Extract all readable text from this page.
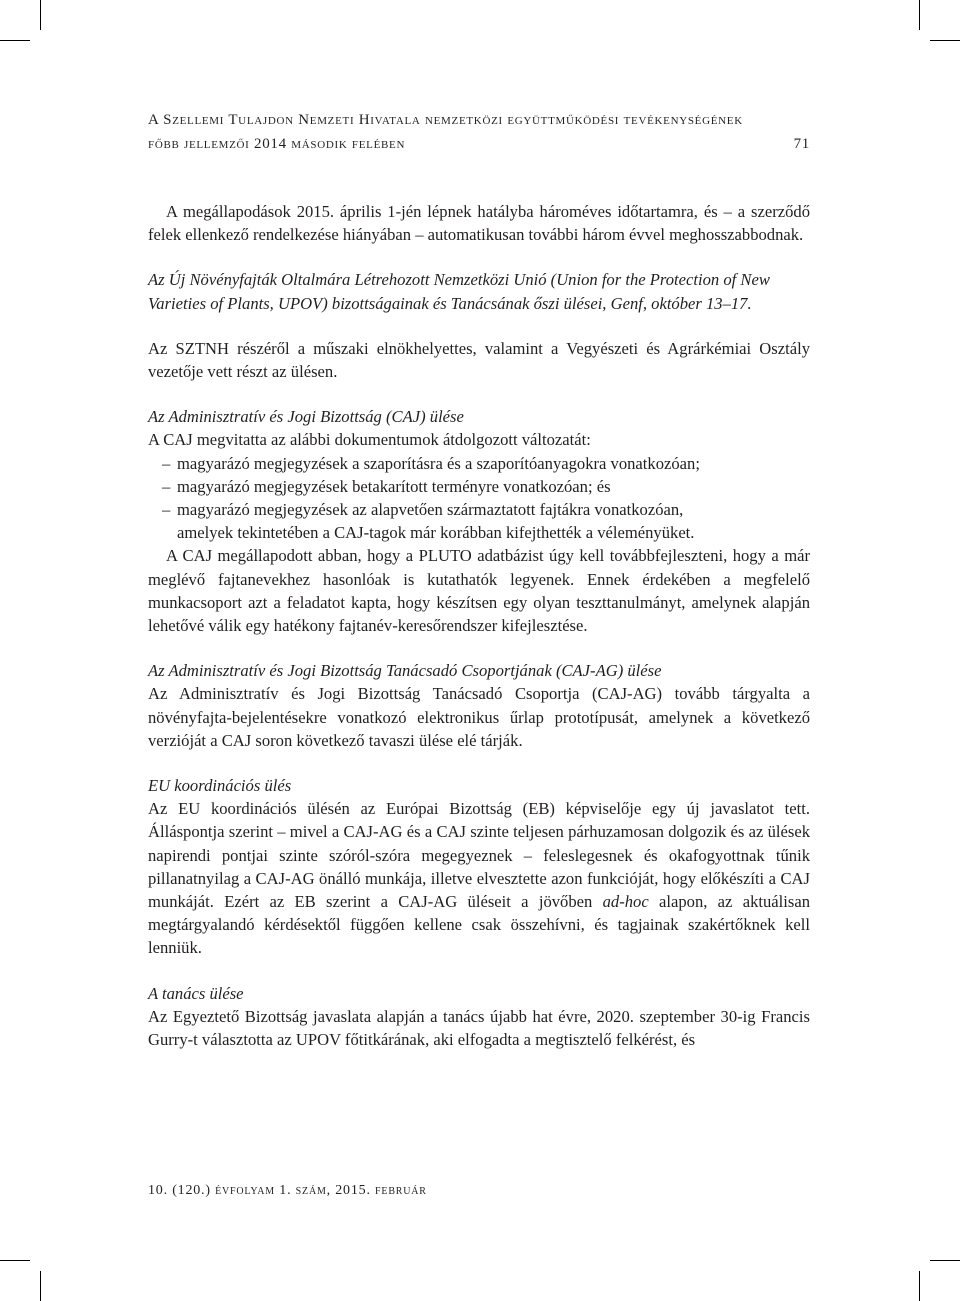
A Szellemi Tulajdon Nemzeti Hivatala nemzetközi együttműködési tevékenységének
főbb jellemzői 2014 második felében	71

A megállapodások 2015. április 1-jén lépnek hatályba hároméves időtartamra, és – a szerződő felek ellenkező rendelkezése hiányában – automatikusan további három évvel meghosszabbodnak.

Az Új Növényfajták Oltalmára Létrehozott Nemzetközi Unió (Union for the Protection of New Varieties of Plants, UPOV) bizottságainak és Tanácsának őszi ülései, Genf, október 13–17.

Az SZTNH részéről a műszaki elnökhelyettes, valamint a Vegyészeti és Agrárkémiai Osztály vezetője vett részt az ülésen.

Az Adminisztratív és Jogi Bizottság (CAJ) ülése

A CAJ megvitatta az alábbi dokumentumok átdolgozott változatát:

– magyarázó megjegyzések a szaporításra és a szaporítóanyagokra vonatkozóan;
– magyarázó megjegyzések betakarított terményre vonatkozóan; és
– magyarázó megjegyzések az alapvetően származtatott fajtákra vonatkozóan,

amelyek tekintetében a CAJ-tagok már korábban kifejthették a véleményüket.

A CAJ megállapodott abban, hogy a PLUTO adatbázist úgy kell továbbfejleszteni, hogy a már meglévő fajtanevekhez hasonlóak is kutathatók legyenek. Ennek érdekében a megfelelő munkacsoport azt a feladatot kapta, hogy készítsen egy olyan teszttanulmányt, amelynek alapján lehetővé válik egy hatékony fajtanév-keresőrendszer kifejlesztése.

Az Adminisztratív és Jogi Bizottság Tanácsadó Csoportjának (CAJ-AG) ülése

Az Adminisztratív és Jogi Bizottság Tanácsadó Csoportja (CAJ-AG) tovább tárgyalta a növényfajta-bejelentésekre vonatkozó elektronikus űrlap prototípusát, amelynek a következő verzióját a CAJ soron következő tavaszi ülése elé tárják.

EU koordinációs ülés

Az EU koordinációs ülésén az Európai Bizottság (EB) képviselője egy új javaslatot tett. Álláspontja szerint – mivel a CAJ-AG és a CAJ szinte teljesen párhuzamosan dolgozik és az ülések napirendi pontjai szinte szóról-szóra megegyeznek – feleslegesnek és okafogyottnak tűnik pillanatnyilag a CAJ-AG önálló munkája, illetve elvesztette azon funkcióját, hogy előkészíti a CAJ munkáját. Ezért az EB szerint a CAJ-AG üléseit a jövőben ad-hoc alapon, az aktuálisan megtárgyalandó kérdésektől függően kellene csak összehívni, és tagjainak szakértőknek kell lenniük.

A tanács ülése

Az Egyeztető Bizottság javaslata alapján a tanács újabb hat évre, 2020. szeptember 30-ig Francis Gurry-t választotta az UPOV főtitkárának, aki elfogadta a megtisztelő felkérést, és

10. (120.) évfolyam 1. szám, 2015. február
